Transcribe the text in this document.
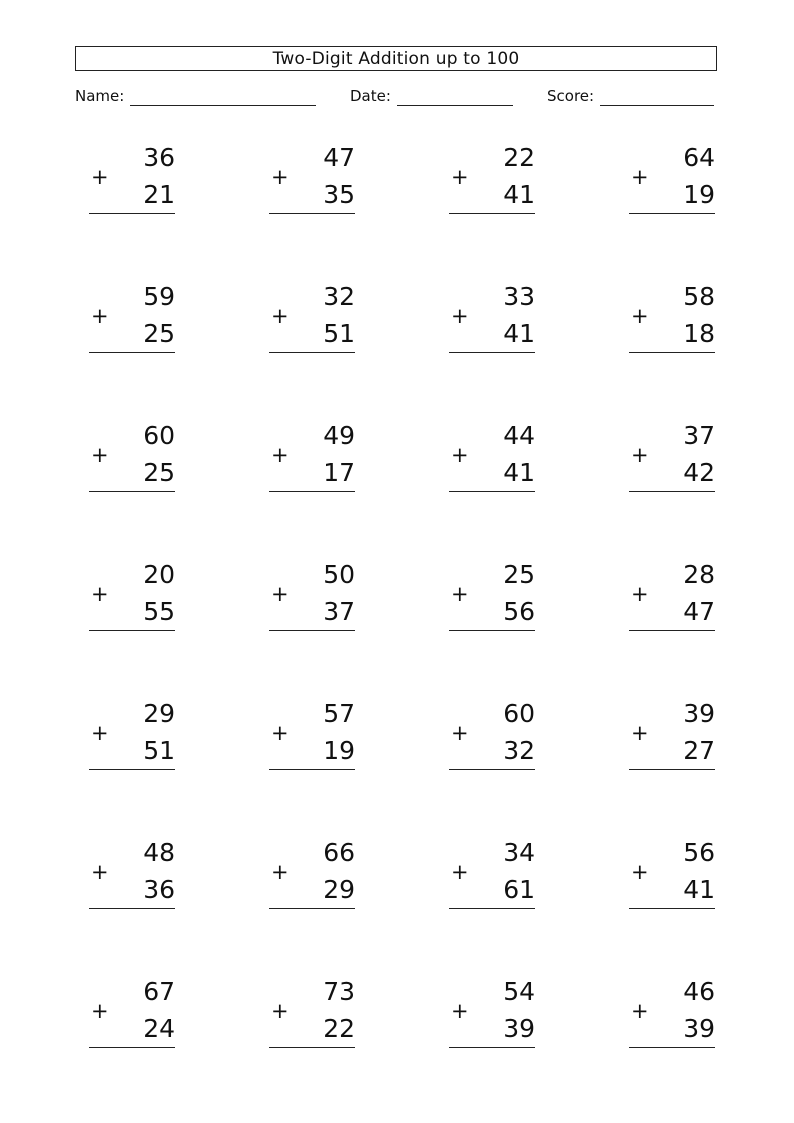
Two-Digit Addition up to 100
Name:	Date:	Score:
+
36
21
+
47
35
+
22
41
+
64
19
+
59
25
+
32
51
+
33
41
+
58
18
+
60
25
+
49
17
+
44
41
+
37
42
+
20
55
+
50
37
+
25
56
+
28
47
+
29
51
+
57
19
+
60
32
+
39
27
+
48
36
+
66
29
+
34
61
+
56
41
+
67
24
+
73
22
+
54
39
+
46
39
